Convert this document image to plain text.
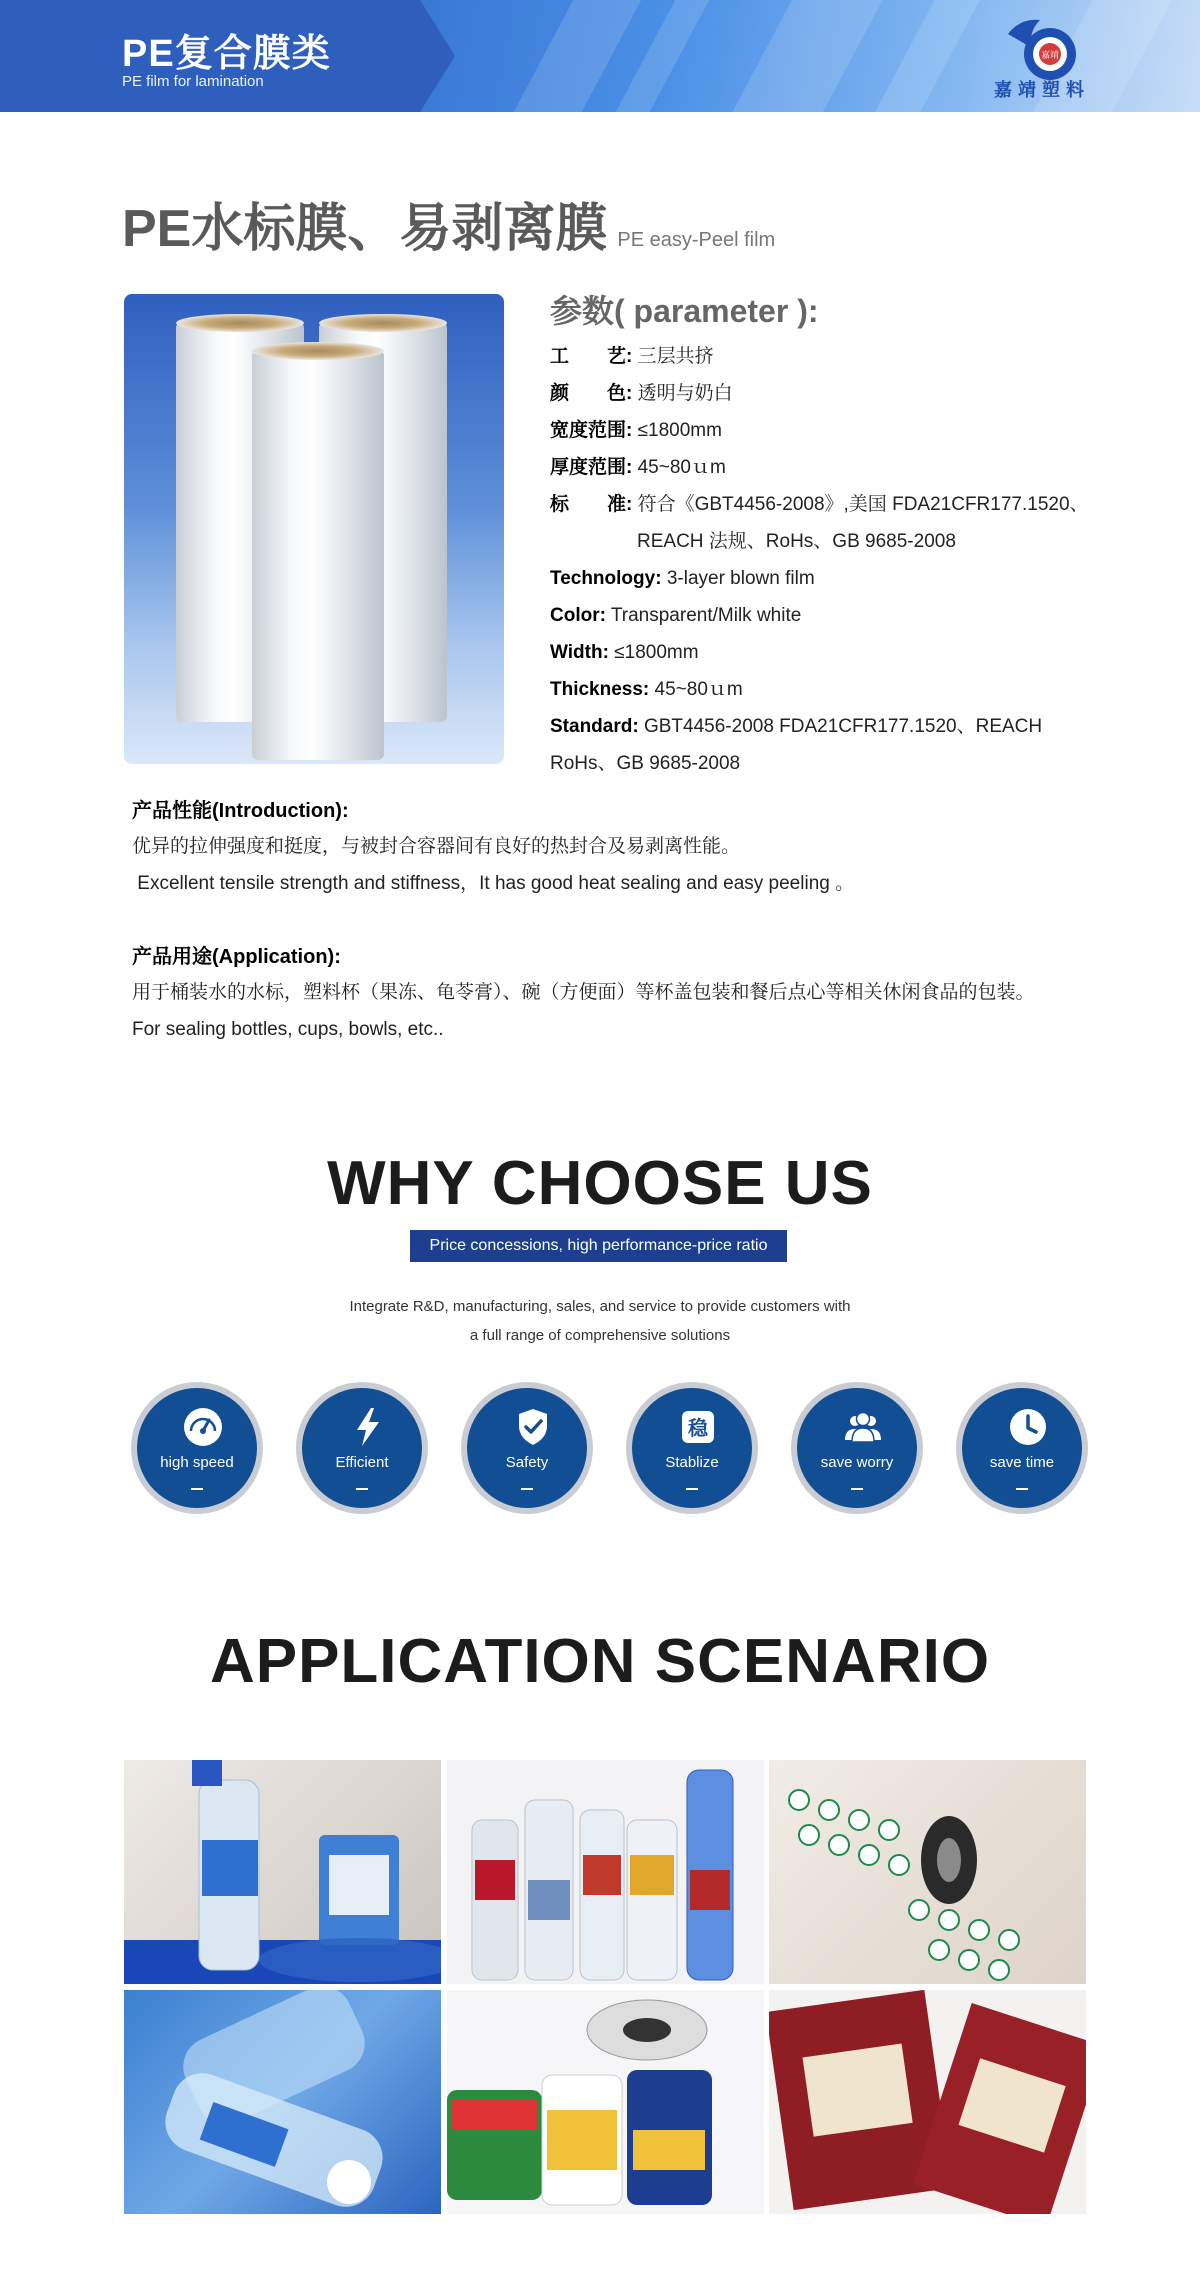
PE复合膜类
PE film for lamination
嘉靖
嘉靖塑料
PE水标膜、易剥离膜 PE easy-Peel film
参数( parameter ):
工　　艺: 三层共挤
颜　　色: 透明与奶白
宽度范围: ≤1800mm
厚度范围: 45~80ｕm
标　　准: 符合《GBT4456-2008》,美国 FDA21CFR177.1520、
REACH 法规、RoHs、GB 9685-2008
Technology: 3-layer blown film
Color: Transparent/Milk white
Width: ≤1800mm
Thickness: 45~80ｕm
Standard: GBT4456-2008 FDA21CFR177.1520、REACH
RoHs、GB 9685-2008
产品性能(Introduction):
优异的拉伸强度和挺度，与被封合容器间有良好的热封合及易剥离性能。
Excellent tensile strength and stiffness，It has good heat sealing and easy peeling 。
产品用途(Application):
用于桶装水的水标，塑料杯（果冻、龟苓膏）、碗（方便面）等杯盖包装和餐后点心等相关休闲食品的包装。
For sealing bottles, cups, bowls, etc..
WHY CHOOSE US
Price concessions, high performance-price ratio
Integrate R&D, manufacturing, sales, and service to provide customers with
a full range of comprehensive solutions
high speed	Efficient	Safety
稳
Stablize	save worry	save time
APPLICATION SCENARIO
